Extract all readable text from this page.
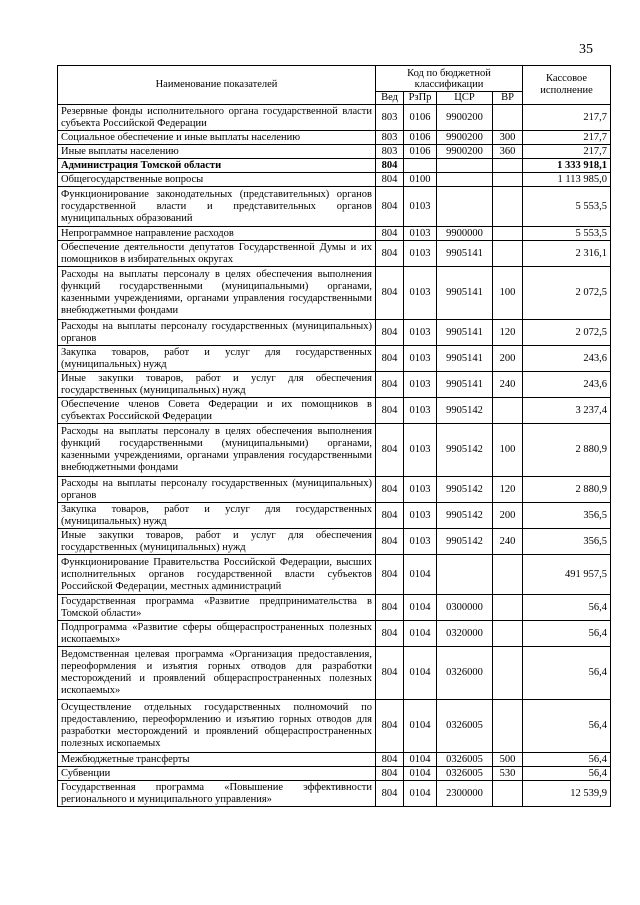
35
Наименование показателей	Код по бюджетной классификации				Кассовое исполнение
	Вед	РзПр	ЦСР	ВР	
Резервные фонды исполнительного органа государственной власти субъекта Российской Федерации	803	0106	9900200		217,7
Социальное обеспечение и иные выплаты населению	803	0106	9900200	300	217,7
Иные выплаты населению	803	0106	9900200	360	217,7
Администрация Томской области	804				1 333 918,1
Общегосударственные вопросы	804	0100			1 113 985,0
Функционирование законодательных (представительных) органов государственной власти и представительных органов муниципальных образований	804	0103			5 553,5
Непрограммное направление расходов	804	0103	9900000		5 553,5
Обеспечение деятельности депутатов Государственной Думы и их помощников в избирательных округах	804	0103	9905141		2 316,1
Расходы на выплаты персоналу в целях обеспечения выполнения функций государственными (муниципальными) органами, казенными учреждениями, органами управления государственными внебюджетными фондами	804	0103	9905141	100	2 072,5
Расходы на выплаты персоналу государственных (муниципальных) органов	804	0103	9905141	120	2 072,5
Закупка товаров, работ и услуг для государственных (муниципальных) нужд	804	0103	9905141	200	243,6
Иные закупки товаров, работ и услуг для обеспечения государственных (муниципальных) нужд	804	0103	9905141	240	243,6
Обеспечение членов Совета Федерации и их помощников в субъектах Российской Федерации	804	0103	9905142		3 237,4
Расходы на выплаты персоналу в целях обеспечения выполнения функций государственными (муниципальными) органами, казенными учреждениями, органами управления государственными внебюджетными фондами	804	0103	9905142	100	2 880,9
Расходы на выплаты персоналу государственных (муниципальных) органов	804	0103	9905142	120	2 880,9
Закупка товаров, работ и услуг для государственных (муниципальных) нужд	804	0103	9905142	200	356,5
Иные закупки товаров, работ и услуг для обеспечения государственных (муниципальных) нужд	804	0103	9905142	240	356,5
Функционирование Правительства Российской Федерации, высших исполнительных органов государственной власти субъектов Российской Федерации, местных администраций	804	0104			491 957,5
Государственная программа «Развитие предпринимательства в Томской области»	804	0104	0300000		56,4
Подпрограмма «Развитие сферы общераспространенных полезных ископаемых»	804	0104	0320000		56,4
Ведомственная целевая программа «Организация предоставления, переоформления и изъятия горных отводов для разработки месторождений и проявлений общераспространенных полезных ископаемых»	804	0104	0326000		56,4
Осуществление отдельных государственных полномочий по предоставлению, переоформлению и изъятию горных отводов для разработки месторождений и проявлений общераспространенных полезных ископаемых	804	0104	0326005		56,4
Межбюджетные трансферты	804	0104	0326005	500	56,4
Субвенции	804	0104	0326005	530	56,4
Государственная программа «Повышение эффективности регионального и муниципального управления»	804	0104	2300000		12 539,9
